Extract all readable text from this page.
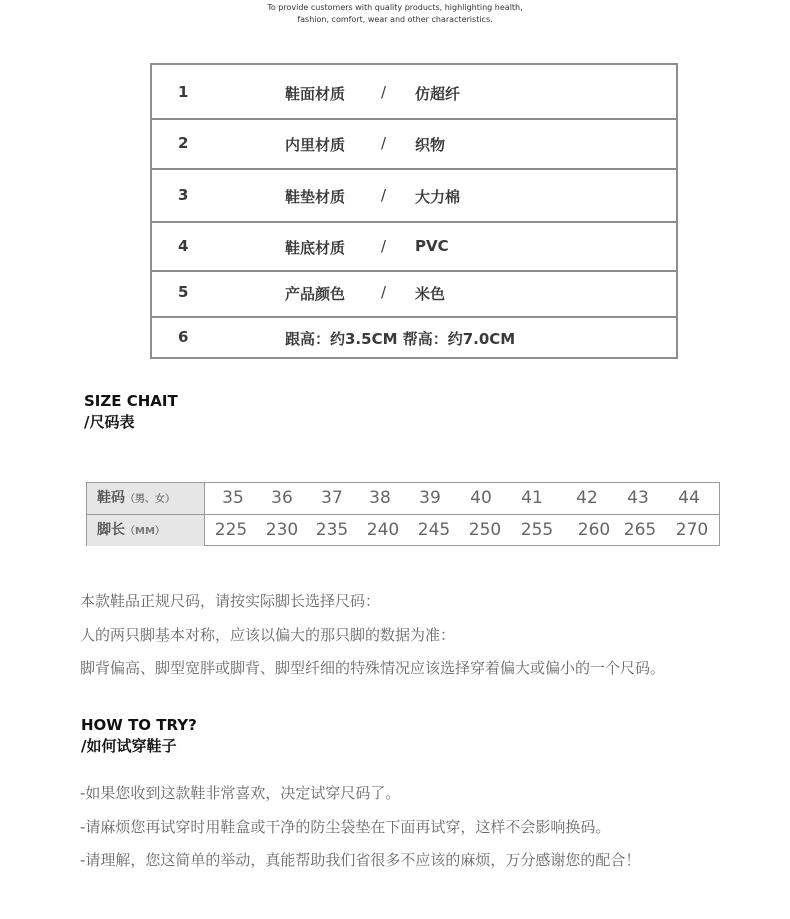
To provide customers with quality products, highlighting health,
fashion, comfort, wear and other characteristics.
1	鞋面材质 / 仿超纤
2	内里材质 / 织物
3	鞋垫材质 / 大力棉
4	鞋底材质 / PVC
5	产品颜色 / 米色
6	跟高：约3.5CM 帮高：约7.0CM
SIZE CHAIT
/尺码表
鞋码（男、女）	35	36	37	38	39	40	41	42	43	44
脚长（MM）	225 230 235 240 245 250 255 260 265 270
本款鞋品正规尺码，请按实际脚长选择尺码：
人的两只脚基本对称，应该以偏大的那只脚的数据为准：
脚背偏高、脚型宽胖或脚背、脚型纤细的特殊情况应该选择穿着偏大或偏小的一个尺码。
HOW TO TRY?
/如何试穿鞋子
-如果您收到这款鞋非常喜欢，决定试穿尺码了。
-请麻烦您再试穿时用鞋盒或干净的防尘袋垫在下面再试穿，这样不会影响换码。
-请理解，您这简单的举动，真能帮助我们省很多不应该的麻烦，万分感谢您的配合！
